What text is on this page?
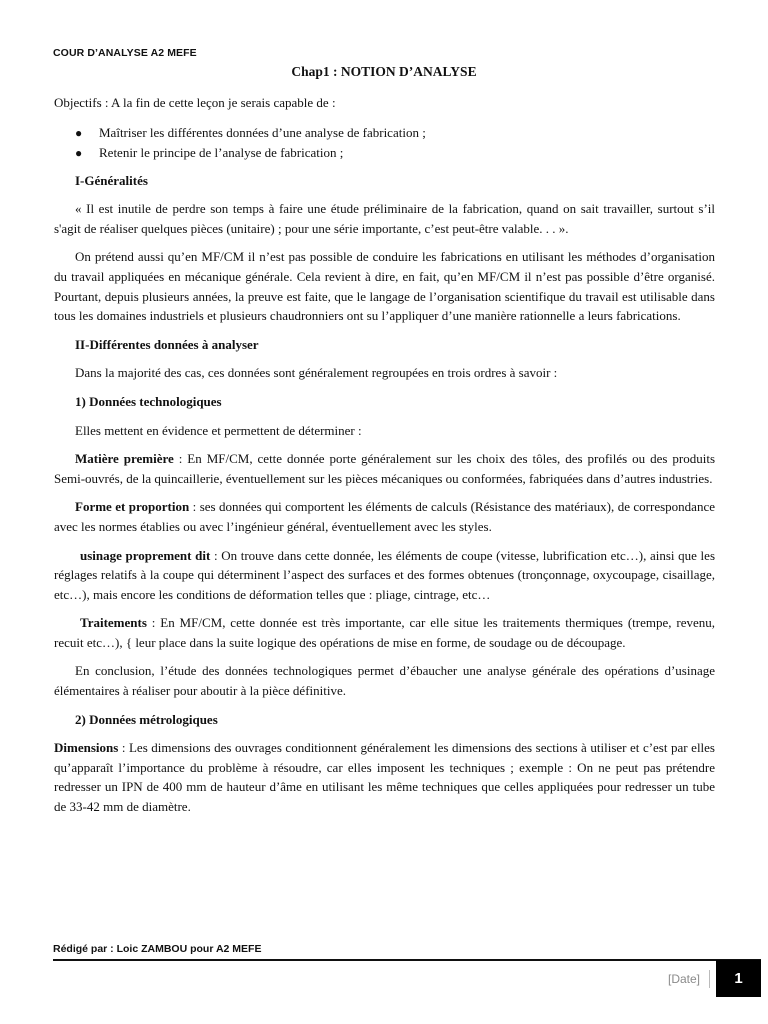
COUR D’ANALYSE A2 MEFE
Chap1 : NOTION D’ANALYSE

Objectifs : A la fin de cette leçon je serais capable de :

● Maîtriser les différentes données d’une analyse de fabrication ;
● Retenir le principe de l’analyse de fabrication ;

I-Généralités

« Il est inutile de perdre son temps à faire une étude préliminaire de la fabrication, quand on sait travailler, surtout s’il s'agit de réaliser quelques pièces (unitaire) ; pour une série importante, c’est peut-être valable. . . ».

On prétend aussi qu’en MF/CM il n’est pas possible de conduire les fabrications en utilisant les méthodes d’organisation du travail appliquées en mécanique générale. Cela revient à dire, en fait, qu’en MF/CM il n’est pas possible d’être organisé. Pourtant, depuis plusieurs années, la preuve est faite, que le langage de l’organisation scientifique du travail est utilisable dans tous les domaines industriels et plusieurs chaudronniers ont su l’appliquer d’une manière rationnelle a leurs fabrications.

II-Différentes données à analyser

Dans la majorité des cas, ces données sont généralement regroupées en trois ordres à savoir :

1) Données technologiques

Elles mettent en évidence et permettent de déterminer :

Matière première : En MF/CM, cette donnée porte généralement sur les choix des tôles, des profilés ou des produits Semi-ouvrés, de la quincaillerie, éventuellement sur les pièces mécaniques ou conformées, fabriquées dans d’autres industries.

Forme et proportion : ses données qui comportent les éléments de calculs (Résistance des matériaux), de correspondance avec les normes établies ou avec l’ingénieur général, éventuellement avec les styles.

usinage proprement dit : On trouve dans cette donnée, les éléments de coupe (vitesse, lubrification etc…), ainsi que les réglages relatifs à la coupe qui déterminent l’aspect des surfaces et des formes obtenues (tronçonnage, oxycoupage, cisaillage, etc…), mais encore les conditions de déformation telles que : pliage, cintrage, etc…

Traitements : En MF/CM, cette donnée est très importante, car elle situe les traitements thermiques (trempe, revenu, recuit etc…), { leur place dans la suite logique des opérations de mise en forme, de soudage ou de découpage.

En conclusion, l’étude des données technologiques permet d’ébaucher une analyse générale des opérations d’usinage élémentaires à réaliser pour aboutir à la pièce définitive.

2) Données métrologiques

Dimensions : Les dimensions des ouvrages conditionnent généralement les dimensions des sections à utiliser et c’est par elles qu’apparaît l’importance du problème à résoudre, car elles imposent les techniques ; exemple : On ne peut pas prétendre redresser un IPN de 400 mm de hauteur d’âme en utilisant les même techniques que celles appliquées pour redresser un tube de 33-42 mm de diamètre.

Rédigé par : Loic ZAMBOU pour A2 MEFE
[Date]	1
